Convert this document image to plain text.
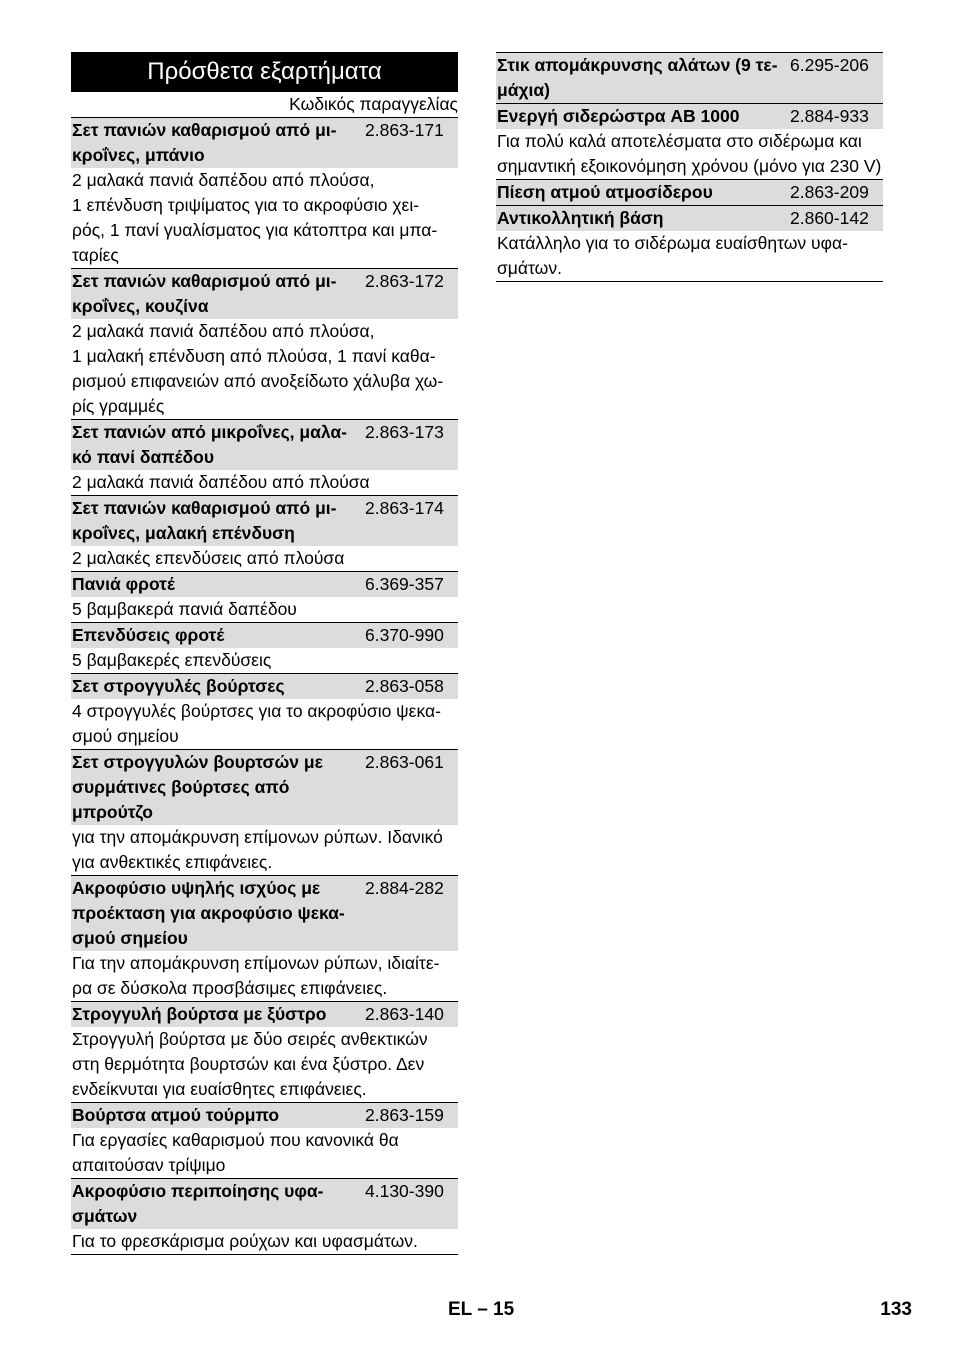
Πρόσθετα εξαρτήματα
Κωδικός παραγγελίας
Σετ πανιών καθαρισμού από μι-
κροΐνες, μπάνιο
2.863-171
2 μαλακά πανιά δαπέδου από πλούσα,
1 επένδυση τριψίματος για το ακροφύσιο χει-
ρός, 1 πανί γυαλίσματος για κάτοπτρα και μπα-
ταρίες
Σετ πανιών καθαρισμού από μι-
κροΐνες, κουζίνα
2.863-172
2 μαλακά πανιά δαπέδου από πλούσα,
1 μαλακή επένδυση από πλούσα, 1 πανί καθα-
ρισμού επιφανειών από ανοξείδωτο χάλυβα χω-
ρίς γραμμές
Σετ πανιών από μικροΐνες, μαλα-
κό πανί δαπέδου
2.863-173
2 μαλακά πανιά δαπέδου από πλούσα
Σετ πανιών καθαρισμού από μι-
κροΐνες, μαλακή επένδυση
2.863-174
2 μαλακές επενδύσεις από πλούσα
Πανιά φροτέ	6.369-357
5 βαμβακερά πανιά δαπέδου
Επενδύσεις φροτέ	6.370-990
5 βαμβακερές επενδύσεις
Σετ στρογγυλές βούρτσες	2.863-058
4 στρογγυλές βούρτσες για το ακροφύσιο ψεκα-
σμού σημείου
Σετ στρογγυλών βουρτσών με
συρμάτινες βούρτσες από
μπρούτζο
2.863-061
για την απομάκρυνση επίμονων ρύπων. Ιδανικό
για ανθεκτικές επιφάνειες.
Ακροφύσιο υψηλής ισχύος με
προέκταση για ακροφύσιο ψεκα-
σμού σημείου
2.884-282
Για την απομάκρυνση επίμονων ρύπων, ιδιαίτε-
ρα σε δύσκολα προσβάσιμες επιφάνειες.
Στρογγυλή βούρτσα με ξύστρο	2.863-140
Στρογγυλή βούρτσα με δύο σειρές ανθεκτικών
στη θερμότητα βουρτσών και ένα ξύστρο. Δεν
ενδείκνυται για ευαίσθητες επιφάνειες.
Βούρτσα ατμού τούρμπο	2.863-159
Για εργασίες καθαρισμού που κανονικά θα
απαιτούσαν τρίψιμο
Ακροφύσιο περιποίησης υφα-
σμάτων
4.130-390
Για το φρεσκάρισμα ρούχων και υφασμάτων.
Στικ απομάκρυνσης αλάτων (9 τε-
μάχια)
6.295-206
Ενεργή σιδερώστρα AB 1000	2.884-933
Για πολύ καλά αποτελέσματα στο σιδέρωμα και
σημαντική εξοικονόμηση χρόνου (μόνο για 230 V)
Πίεση ατμού ατμοσίδερου	2.863-209
Αντικολλητική βάση	2.860-142
Κατάλληλο για το σιδέρωμα ευαίσθητων υφα-
σμάτων.
EL – 15	133
